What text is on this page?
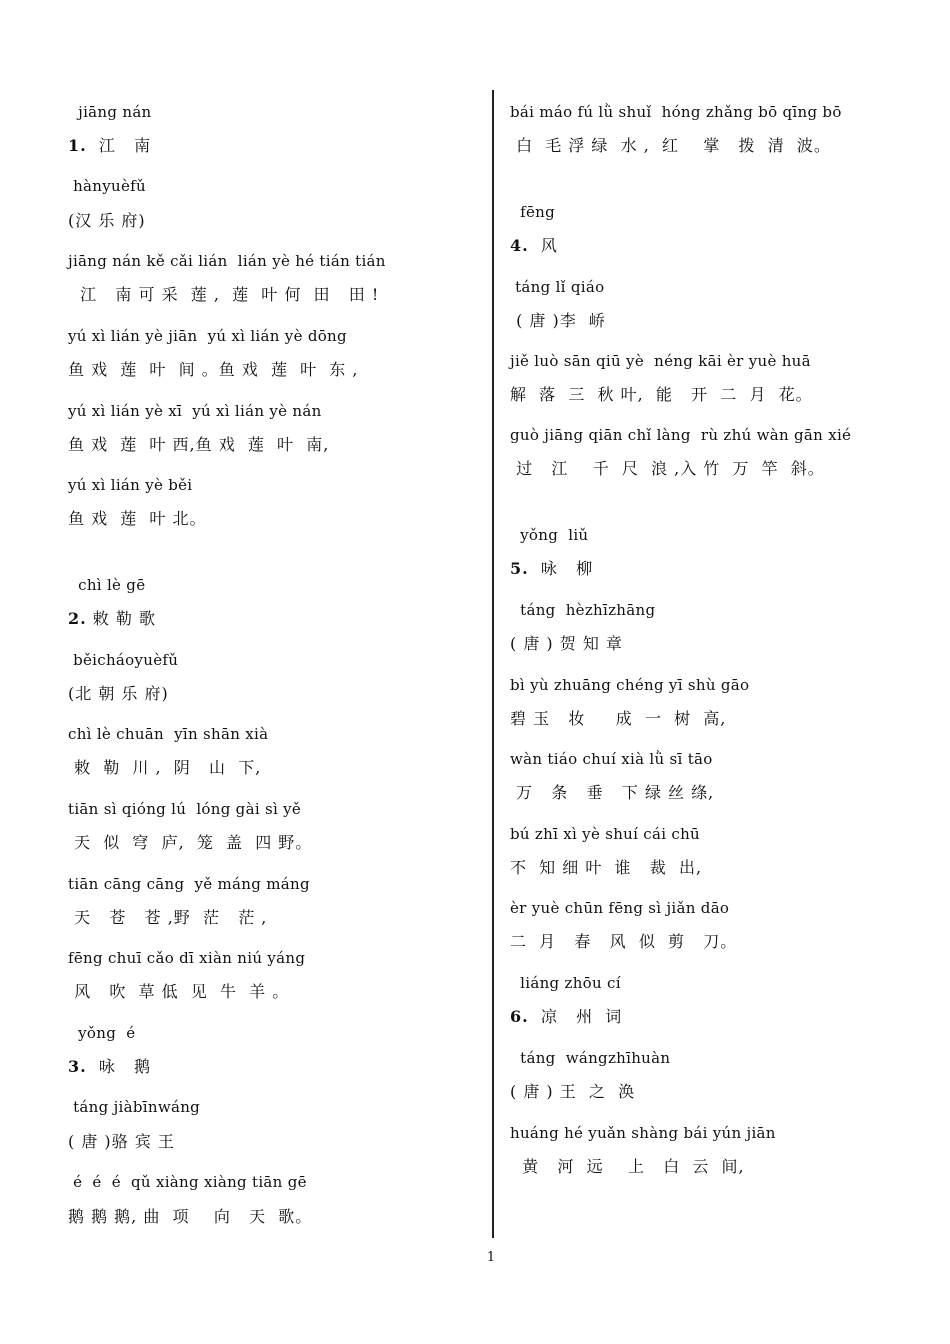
jiāng nán
1.  江   南
hànyuèfǔ
(汉 乐 府)
jiāng nán kě cǎi lián  lián yè hé tián tián
江   南 可 采  莲 ,  莲  叶 何  田   田 !
yú xì lián yè jiān  yú xì lián yè dōng
鱼 戏  莲  叶  间 。鱼 戏  莲  叶  东 ,
yú xì lián yè xī  yú xì lián yè nán
鱼 戏  莲  叶 西,鱼 戏  莲  叶  南,
yú xì lián yè běi
鱼 戏  莲  叶 北。
chì lè gē
2. 敕 勒 歌
běicháoyuèfǔ
(北 朝 乐 府)
chì lè chuān  yīn shān xià
敕  勒  川 ,  阴   山  下,
tiān sì qióng lú  lóng gài sì yě
天  似  穹  庐,  笼  盖  四 野。
tiān cāng cāng  yě máng máng
天   苍   苍 ,野  茫   茫 ,
fēng chuī cǎo dī xiàn niú yáng
风   吹  草 低  见  牛  羊 。
yǒng  é
3.  咏   鹅
táng jiàbīnwáng
( 唐 )骆 宾 王
é  é  é  qǔ xiàng xiàng tiān gē
鹅 鹅 鹅, 曲  项    向   天  歌。
bái máo fú lǜ shuǐ  hóng zhǎng bō qīng bō
白  毛 浮 绿  水 ,  红    掌   拨  清  波。
fēng
4.  风
táng lǐ qiáo
( 唐 )李  峤
jiě luò sān qiū yè  néng kāi èr yuè huā
解  落  三  秋 叶,  能   开  二  月  花。
guò jiāng qiān chǐ làng  rù zhú wàn gān xié
过   江    千  尺  浪 ,入 竹  万  竿  斜。
yǒng  liǔ
5.  咏   柳
táng  hèzhīzhāng
( 唐 ) 贺 知 章
bì yù zhuāng chéng yī shù gāo
碧 玉   妆     成  一  树  高,
wàn tiáo chuí xià lǜ sī tāo
万   条   垂   下 绿 丝 绦,
bú zhī xì yè shuí cái chū
不  知 细 叶  谁   裁  出,
èr yuè chūn fēng sì jiǎn dāo
二  月   春   风  似  剪   刀。
liáng zhōu cí
6.  凉   州  词
táng  wángzhīhuàn
( 唐 ) 王  之  涣
huáng hé yuǎn shàng bái yún jiān
黄   河  远    上   白  云  间,
1
